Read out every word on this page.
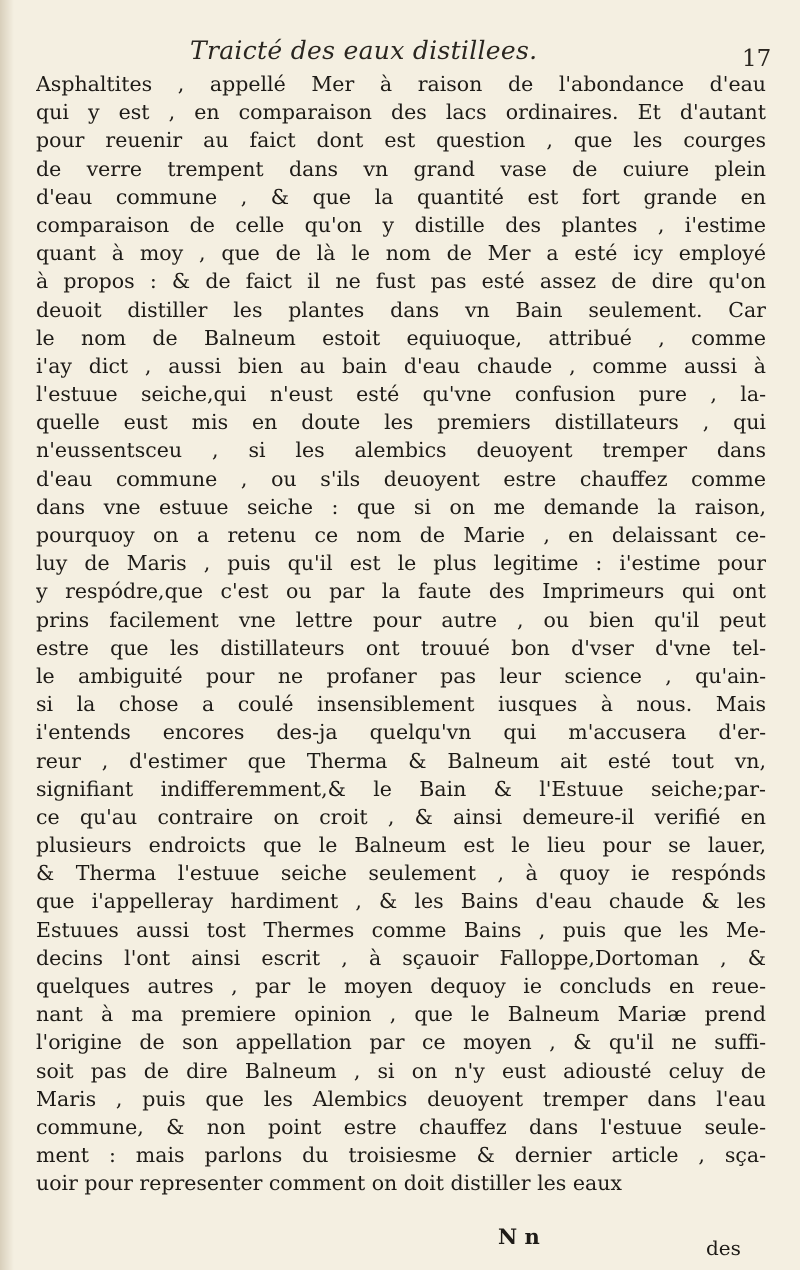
Traicté des eaux distillees.	17
Asphaltites , appellé Mer à raison de l'abondance d'eau
qui y est , en comparaison des lacs ordinaires. Et d'autant
pour reuenir au faict dont est question , que les courges
de verre trempent dans vn grand vase de cuiure plein
d'eau commune , & que la quantité est fort grande en
comparaison de celle qu'on y distille des plantes , i'estime
quant à moy , que de là le nom de Mer a esté icy employé
à propos : & de faict il ne fust pas esté assez de dire qu'on
deuoit distiller les plantes dans vn Bain seulement. Car
le nom de Balneum estoit equiuoque, attribué , comme
i'ay dict , aussi bien au bain d'eau chaude , comme aussi à
l'estuue seiche,qui n'eust esté qu'vne confusion pure , la-
quelle eust mis en doute les premiers distillateurs , qui
n'eussentsceu , si les alembics deuoyent tremper dans
d'eau commune , ou s'ils deuoyent estre chauffez comme
dans vne estuue seiche : que si on me demande la raison,
pourquoy on a retenu ce nom de Marie , en delaissant ce-
luy de Maris , puis qu'il est le plus legitime : i'estime pour
y respódre,que c'est ou par la faute des Imprimeurs qui ont
prins facilement vne lettre pour autre , ou bien qu'il peut
estre que les distillateurs ont trouué bon d'vser d'vne tel-
le ambiguité pour ne profaner pas leur science , qu'ain-
si la chose a coulé insensiblement iusques à nous. Mais
i'entends encores des-ja quelqu'vn qui m'accusera d'er-
reur , d'estimer que Therma & Balneum ait esté tout vn,
signifiant indifferemment,& le Bain & l'Estuue seiche;par-
ce qu'au contraire on croit , & ainsi demeure-il verifié en
plusieurs endroicts que le Balneum est le lieu pour se lauer,
& Therma l'estuue seiche seulement , à quoy ie respónds
que i'appelleray hardiment , & les Bains d'eau chaude & les
Estuues aussi tost Thermes comme Bains , puis que les Me-
decins l'ont ainsi escrit , à sçauoir Falloppe,Dortoman , &
quelques autres , par le moyen dequoy ie concluds en reue-
nant à ma premiere opinion , que le Balneum Mariæ prend
l'origine de son appellation par ce moyen , & qu'il ne suffi-
soit pas de dire Balneum , si on n'y eust adiousté celuy de
Maris , puis que les Alembics deuoyent tremper dans l'eau
commune, & non point estre chauffez dans l'estuue seule-
ment : mais parlons du troisiesme & dernier article , sça-
uoir pour representer comment on doit distiller les eaux
N n	des
